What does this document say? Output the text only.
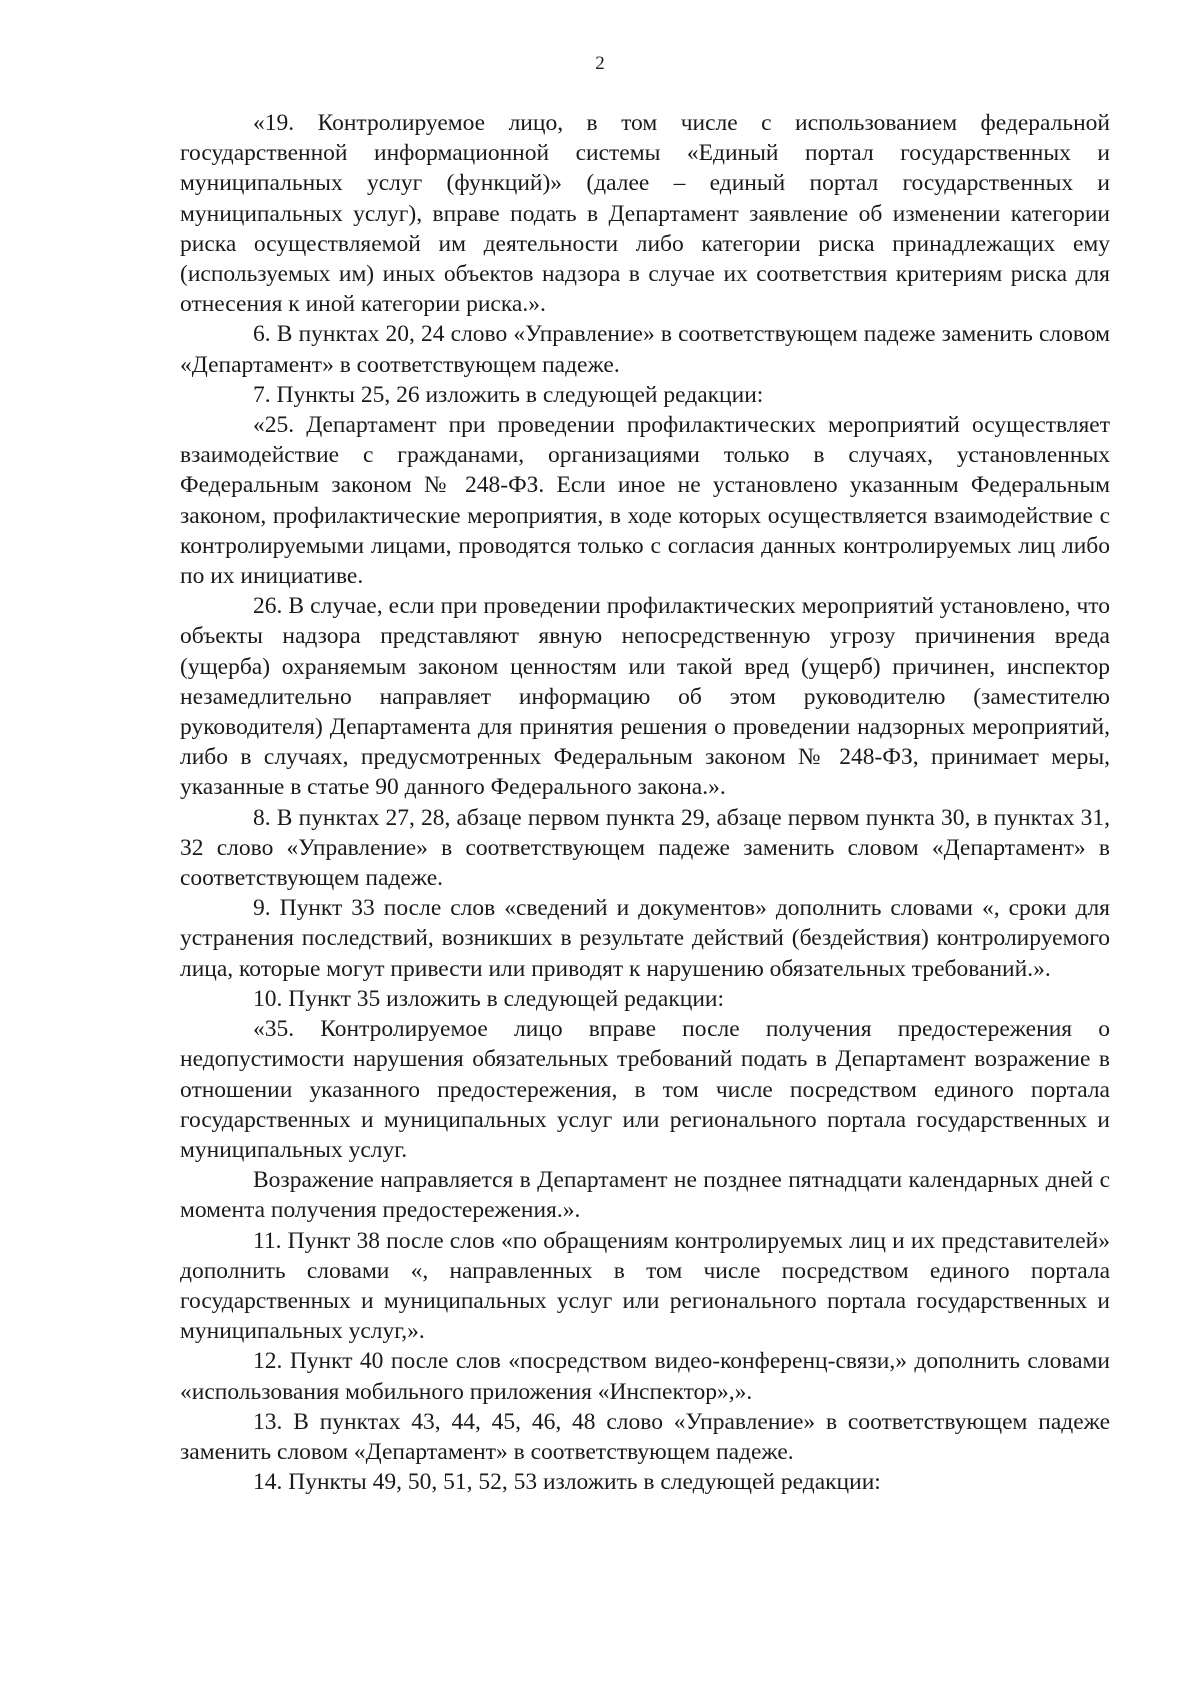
2

«19. Контролируемое лицо, в том числе с использованием федеральной государственной информационной системы «Единый портал государственных и муниципальных услуг (функций)» (далее – единый портал государственных и муниципальных услуг), вправе подать в Департамент заявление об изменении категории риска осуществляемой им деятельности либо категории риска принадлежащих ему (используемых им) иных объектов надзора в случае их соответствия критериям риска для отнесения к иной категории риска.».

6. В пунктах 20, 24 слово «Управление» в соответствующем падеже заменить словом «Департамент» в соответствующем падеже.

7. Пункты 25, 26 изложить в следующей редакции:

«25. Департамент при проведении профилактических мероприятий осуществляет взаимодействие с гражданами, организациями только в случаях, установленных Федеральным законом № 248-ФЗ. Если иное не установлено указанным Федеральным законом, профилактические мероприятия, в ходе которых осуществляется взаимодействие с контролируемыми лицами, проводятся только с согласия данных контролируемых лиц либо по их инициативе.

26. В случае, если при проведении профилактических мероприятий установлено, что объекты надзора представляют явную непосредственную угрозу причинения вреда (ущерба) охраняемым законом ценностям или такой вред (ущерб) причинен, инспектор незамедлительно направляет информацию об этом руководителю (заместителю руководителя) Департамента для принятия решения о проведении надзорных мероприятий, либо в случаях, предусмотренных Федеральным законом № 248-ФЗ, принимает меры, указанные в статье 90 данного Федерального закона.».

8. В пунктах 27, 28, абзаце первом пункта 29, абзаце первом пункта 30, в пунктах 31, 32 слово «Управление» в соответствующем падеже заменить словом «Департамент» в соответствующем падеже.

9. Пункт 33 после слов «сведений и документов» дополнить словами «, сроки для устранения последствий, возникших в результате действий (бездействия) контролируемого лица, которые могут привести или приводят к нарушению обязательных требований.».

10. Пункт 35 изложить в следующей редакции:

«35. Контролируемое лицо вправе после получения предостережения о недопустимости нарушения обязательных требований подать в Департамент возражение в отношении указанного предостережения, в том числе посредством единого портала государственных и муниципальных услуг или регионального портала государственных и муниципальных услуг.

Возражение направляется в Департамент не позднее пятнадцати календарных дней с момента получения предостережения.».

11. Пункт 38 после слов «по обращениям контролируемых лиц и их представителей» дополнить словами «, направленных в том числе посредством единого портала государственных и муниципальных услуг или регионального портала государственных и муниципальных услуг,».

12. Пункт 40 после слов «посредством видео-конференц-связи,» дополнить словами «использования мобильного приложения «Инспектор»,».

13. В пунктах 43, 44, 45, 46, 48 слово «Управление» в соответствующем падеже заменить словом «Департамент» в соответствующем падеже.

14. Пункты 49, 50, 51, 52, 53 изложить в следующей редакции:
